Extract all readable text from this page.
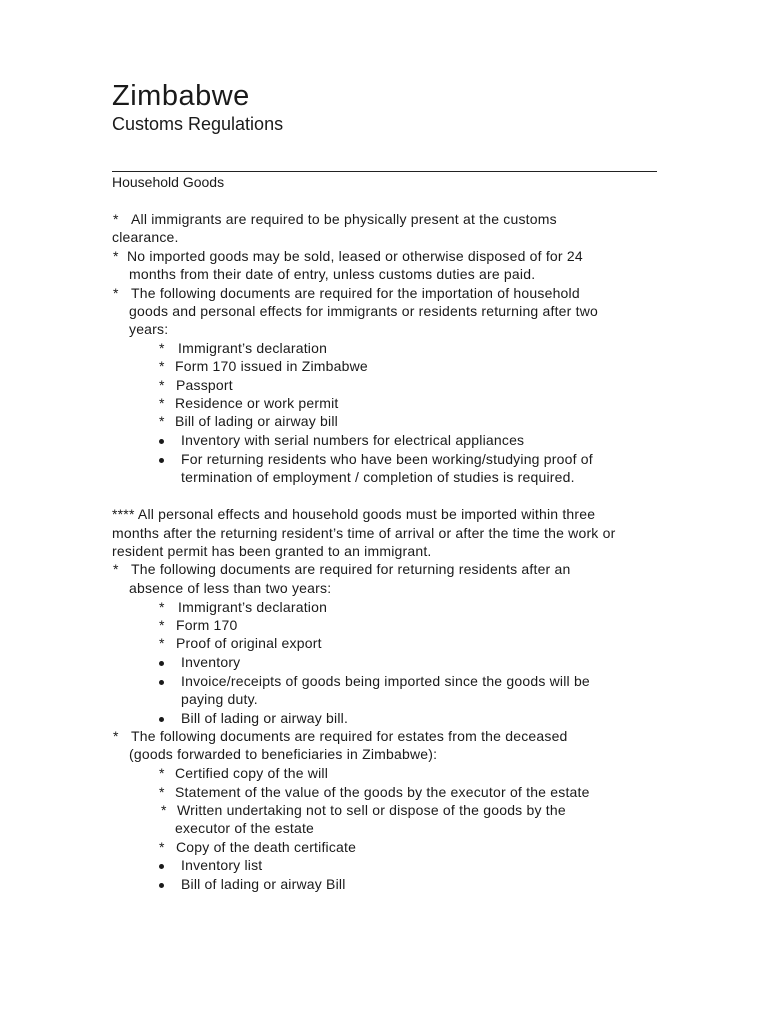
Zimbabwe
Customs Regulations
Household Goods
* All immigrants are required to be physically present at the customs
clearance.
* No imported goods may be sold, leased or otherwise disposed of for 24
months from their date of entry, unless customs duties are paid.
* The following documents are required for the importation of household
goods and personal effects for immigrants or residents returning after two
years:
* Immigrant’s declaration
* Form 170 issued in Zimbabwe
* Passport
* Residence or work permit
* Bill of lading or airway bill
Inventory with serial numbers for electrical appliances
For returning residents who have been working/studying proof of
termination of employment / completion of studies is required.
**** All personal effects and household goods must be imported within three
months after the returning resident’s time of arrival or after the time the work or
resident permit has been granted to an immigrant.
* The following documents are required for returning residents after an
absence of less than two years:
* Immigrant’s declaration
* Form 170
* Proof of original export
Inventory
Invoice/receipts of goods being imported since the goods will be
paying duty.
Bill of lading or airway bill.
* The following documents are required for estates from the deceased
(goods forwarded to beneficiaries in Zimbabwe):
* Certified copy of the will
* Statement of the value of the goods by the executor of the estate
* Written undertaking not to sell or dispose of the goods by the
executor of the estate
* Copy of the death certificate
Inventory list
Bill of lading or airway Bill
